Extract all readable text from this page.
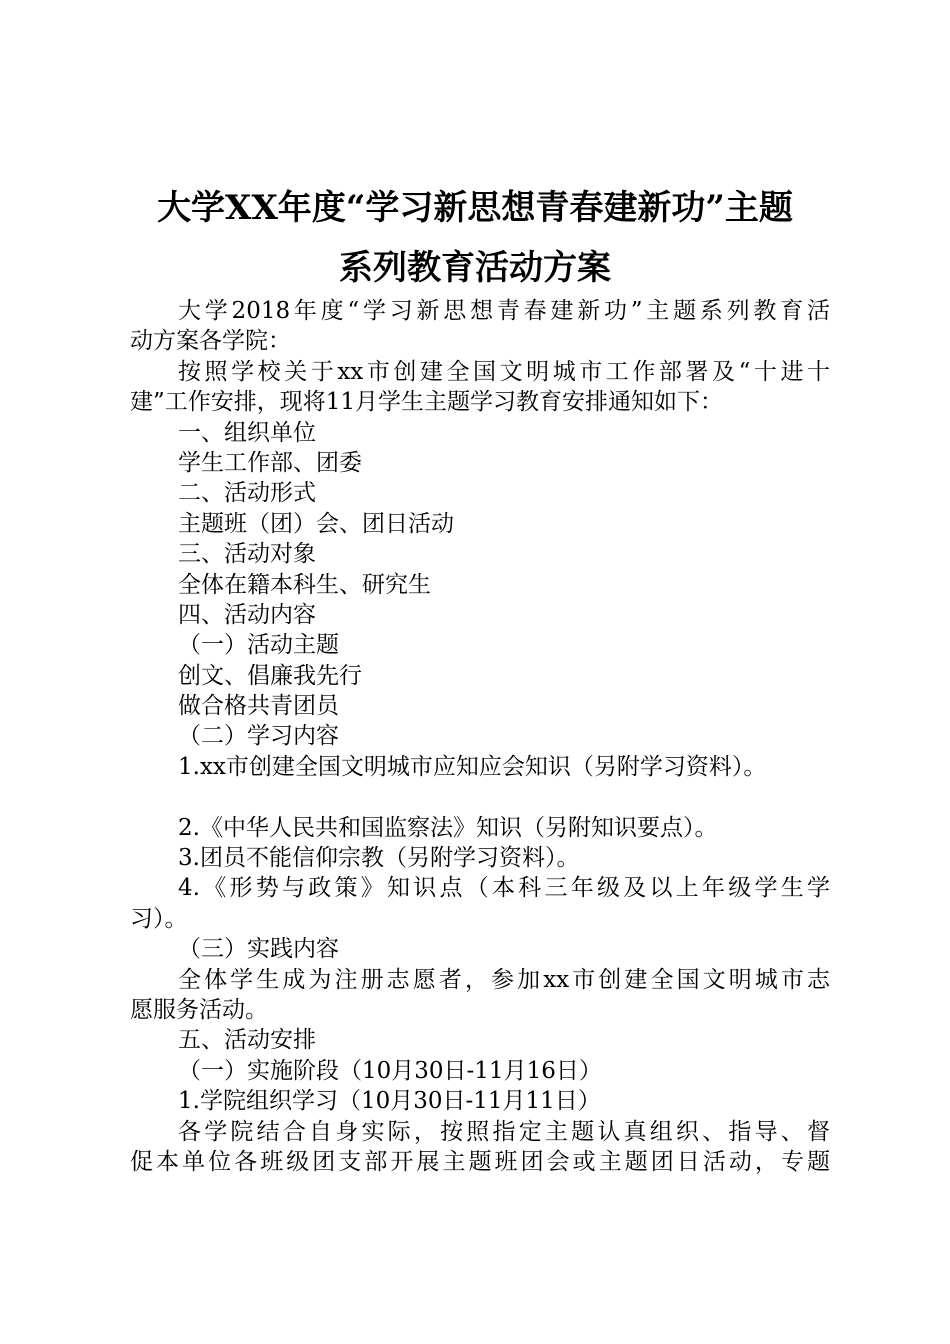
大学XX年度“学习新思想青春建新功”主题
系列教育活动方案

大学2018年度“学习新思想青春建新功”主题系列教育活

动方案各学院：

按照学校关于xx市创建全国文明城市工作部署及“十进十

建”工作安排，现将11月学生主题学习教育安排通知如下：

一、组织单位

学生工作部、团委

二、活动形式

主题班（团）会、团日活动

三、活动对象

全体在籍本科生、研究生

四、活动内容

（一）活动主题

创文、倡廉我先行

做合格共青团员

（二）学习内容

1.xx市创建全国文明城市应知应会知识（另附学习资料）。

2.《中华人民共和国监察法》知识（另附知识要点）。

3.团员不能信仰宗教（另附学习资料）。

4.《形势与政策》知识点（本科三年级及以上年级学生学

习）。

（三）实践内容

全体学生成为注册志愿者，参加xx市创建全国文明城市志

愿服务活动。

五、活动安排

（一）实施阶段（10月30日-11月16日）

1.学院组织学习（10月30日-11月11日）

各学院结合自身实际，按照指定主题认真组织、指导、督

促本单位各班级团支部开展主题班团会或主题团日活动，专题
